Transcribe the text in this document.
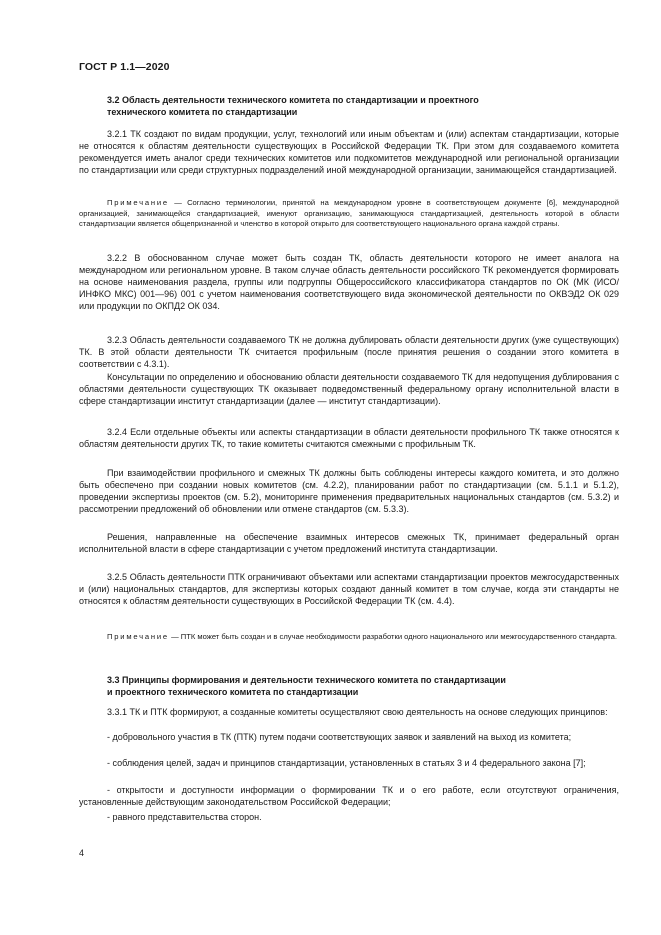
ГОСТ Р 1.1—2020
3.2 Область деятельности технического комитета по стандартизации и проектного
технического комитета по стандартизации
3.2.1 ТК создают по видам продукции, услуг, технологий или иным объектам и (или) аспектам стандартизации, которые не относятся к областям деятельности существующих в Российской Федерации ТК. При этом для создаваемого комитета рекомендуется иметь аналог среди технических комитетов или подкомитетов международной или региональной организации по стандартизации или среди структурных подразделений иной международной организации, занимающейся стандартизацией.
Примечание — Согласно терминологии, принятой на международном уровне в соответствующем документе [6], международной организацией, занимающейся стандартизацией, именуют организацию, занимающуюся стандартизацией, деятельность которой в области стандартизации является общепризнанной и членство в которой открыто для соответствующего национального органа каждой страны.
3.2.2 В обоснованном случае может быть создан ТК, область деятельности которого не имеет аналога на международном или региональном уровне. В таком случае область деятельности российского ТК рекомендуется формировать на основе наименования раздела, группы или подгруппы Общероссийского классификатора стандартов по ОК (МК (ИСО/ИНФКО МКС) 001—96) 001 с учетом наименования соответствующего вида экономической деятельности по ОКВЭД2 ОК 029 или продукции по ОКПД2 ОК 034.
3.2.3 Область деятельности создаваемого ТК не должна дублировать области деятельности других (уже существующих) ТК. В этой области деятельности ТК считается профильным (после принятия решения о создании этого комитета в соответствии с 4.3.1).
Консультации по определению и обоснованию области деятельности создаваемого ТК для недопущения дублирования с областями деятельности существующих ТК оказывает подведомственный федеральному органу исполнительной власти в сфере стандартизации институт стандартизации (далее — институт стандартизации).
3.2.4 Если отдельные объекты или аспекты стандартизации в области деятельности профильного ТК также относятся к областям деятельности других ТК, то такие комитеты считаются смежными с профильным ТК.
При взаимодействии профильного и смежных ТК должны быть соблюдены интересы каждого комитета, и это должно быть обеспечено при создании новых комитетов (см. 4.2.2), планировании работ по стандартизации (см. 5.1.1 и 5.1.2), проведении экспертизы проектов (см. 5.2), мониторинге применения предварительных национальных стандартов (см. 5.3.2) и рассмотрении предложений об обновлении или отмене стандартов (см. 5.3.3).
Решения, направленные на обеспечение взаимных интересов смежных ТК, принимает федеральный орган исполнительной власти в сфере стандартизации с учетом предложений института стандартизации.
3.2.5 Область деятельности ПТК ограничивают объектами или аспектами стандартизации проектов межгосударственных и (или) национальных стандартов, для экспертизы которых создают данный комитет в том случае, когда эти стандарты не относятся к областям деятельности существующих в Российской Федерации ТК (см. 4.4).
Примечание — ПТК может быть создан и в случае необходимости разработки одного национального или межгосударственного стандарта.
3.3 Принципы формирования и деятельности технического комитета по стандартизации
и проектного технического комитета по стандартизации
3.3.1 ТК и ПТК формируют, а созданные комитеты осуществляют свою деятельность на основе следующих принципов:
- добровольного участия в ТК (ПТК) путем подачи соответствующих заявок и заявлений на выход из комитета;
- соблюдения целей, задач и принципов стандартизации, установленных в статьях 3 и 4 федерального закона [7];
- открытости и доступности информации о формировании ТК и о его работе, если отсутствуют ограничения, установленные действующим законодательством Российской Федерации;
- равного представительства сторон.
4
